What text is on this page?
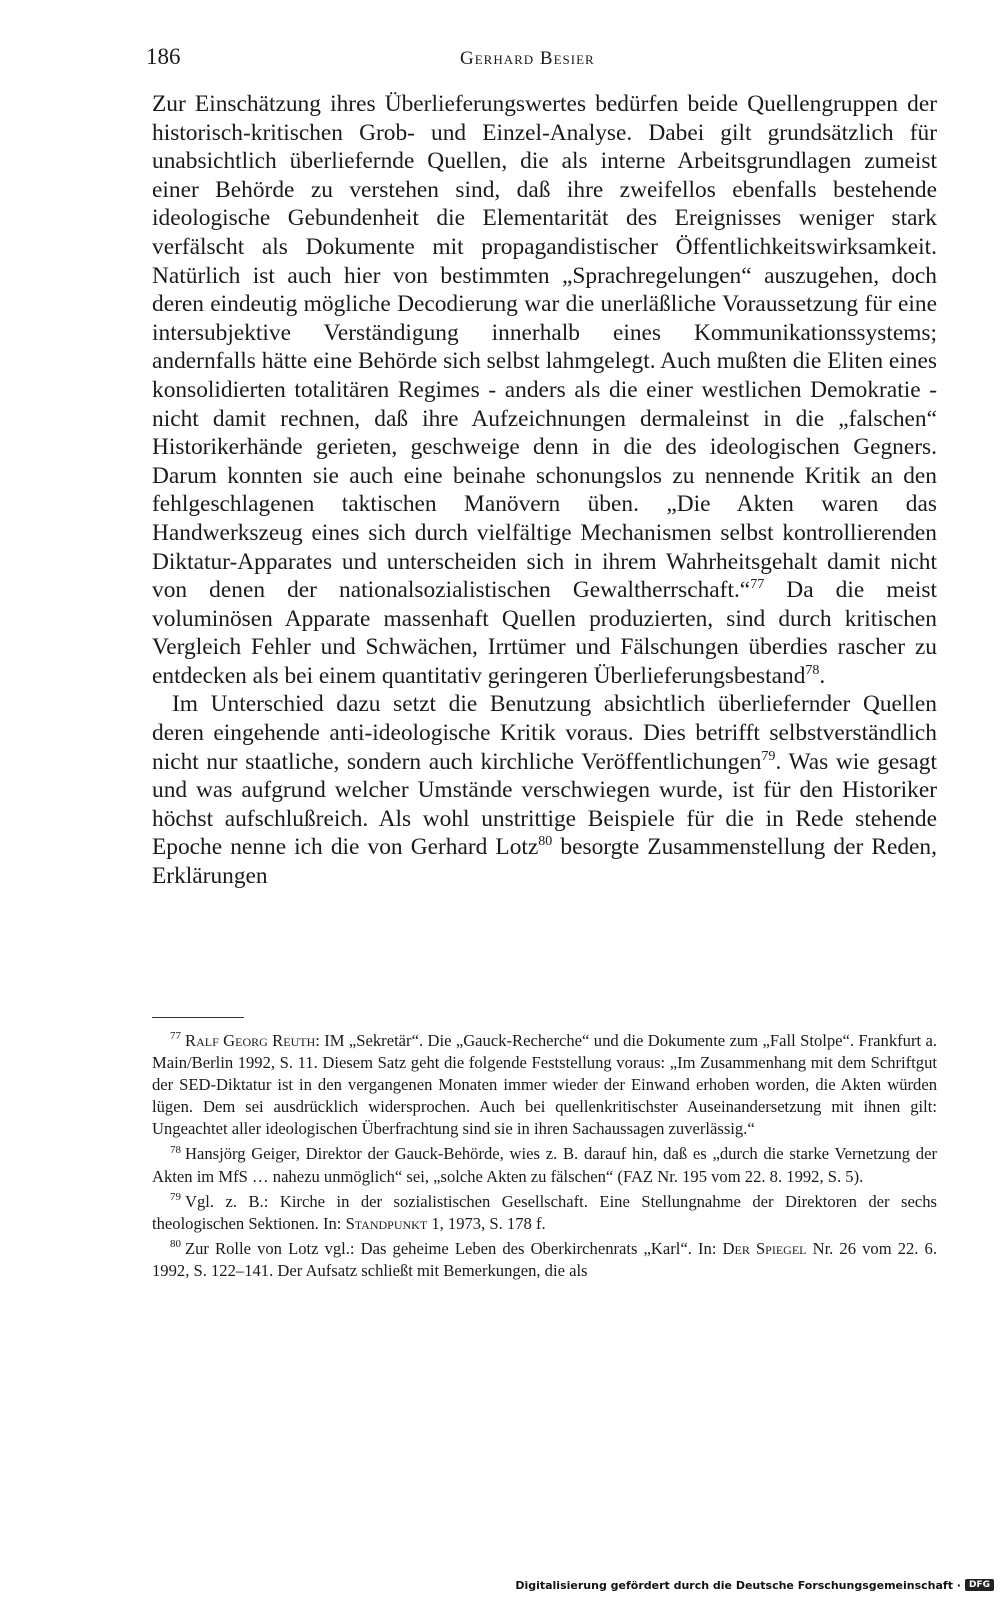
186	Gerhard Besier

Zur Einschätzung ihres Überlieferungswertes bedürfen beide Quellengruppen der historisch-kritischen Grob- und Einzel-Analyse. Dabei gilt grundsätzlich für unabsichtlich überliefernde Quellen, die als interne Arbeitsgrundlagen zumeist einer Behörde zu verstehen sind, daß ihre zweifellos ebenfalls bestehende ideologische Gebundenheit die Elementarität des Ereignisses weniger stark verfälscht als Dokumente mit propagandistischer Öffentlichkeitswirksamkeit. Natürlich ist auch hier von bestimmten „Sprachregelungen“ auszugehen, doch deren eindeutig mögliche Decodierung war die unerläßliche Voraussetzung für eine intersubjektive Verständigung innerhalb eines Kommunikationssystems; andernfalls hätte eine Behörde sich selbst lahmgelegt. Auch mußten die Eliten eines konsolidierten totalitären Regimes - anders als die einer westlichen Demokratie - nicht damit rechnen, daß ihre Aufzeichnungen dermaleinst in die „falschen“ Historikerhände gerieten, geschweige denn in die des ideologischen Gegners. Darum konnten sie auch eine beinahe schonungslos zu nennende Kritik an den fehlgeschlagenen taktischen Manövern üben. „Die Akten waren das Handwerkszeug eines sich durch vielfältige Mechanismen selbst kontrollierenden Diktatur-Apparates und unterscheiden sich in ihrem Wahrheitsgehalt damit nicht von denen der nationalsozialistischen Gewaltherrschaft.“$^{77}$ Da die meist voluminösen Apparate massenhaft Quellen produzierten, sind durch kritischen Vergleich Fehler und Schwächen, Irrtümer und Fälschungen überdies rascher zu entdecken als bei einem quantitativ geringeren Überlieferungsbestand$^{78}$.

Im Unterschied dazu setzt die Benutzung absichtlich überliefernder Quellen deren eingehende anti-ideologische Kritik voraus. Dies betrifft selbstverständlich nicht nur staatliche, sondern auch kirchliche Veröffentlichungen$^{79}$. Was wie gesagt und was aufgrund welcher Umstände verschwiegen wurde, ist für den Historiker höchst aufschlußreich. Als wohl unstrittige Beispiele für die in Rede stehende Epoche nenne ich die von Gerhard Lotz$^{80}$ besorgte Zusammenstellung der Reden, Erklärungen

$^{77}$ Ralf Georg Reuth: IM „Sekretär“. Die „Gauck-Recherche“ und die Dokumente zum „Fall Stolpe“. Frankfurt a. Main/Berlin 1992, S. 11. Diesem Satz geht die folgende Feststellung voraus: „Im Zusammenhang mit dem Schriftgut der SED-Diktatur ist in den vergangenen Monaten immer wieder der Einwand erhoben worden, die Akten würden lügen. Dem sei ausdrücklich widersprochen. Auch bei quellenkritischster Auseinandersetzung mit ihnen gilt: Ungeachtet aller ideologischen Überfrachtung sind sie in ihren Sachaussagen zuverlässig.“

$^{78}$ Hansjörg Geiger, Direktor der Gauck-Behörde, wies z. B. darauf hin, daß es „durch die starke Vernetzung der Akten im MfS … nahezu unmöglich“ sei, „solche Akten zu fälschen“ (FAZ Nr. 195 vom 22. 8. 1992, S. 5).

$^{79}$ Vgl. z. B.: Kirche in der sozialistischen Gesellschaft. Eine Stellungnahme der Direktoren der sechs theologischen Sektionen. In: Standpunkt 1, 1973, S. 178 f.

$^{80}$ Zur Rolle von Lotz vgl.: Das geheime Leben des Oberkirchenrats „Karl“. In: Der Spiegel Nr. 26 vom 22. 6. 1992, S. 122–141. Der Aufsatz schließt mit Bemerkungen, die als

Digitalisierung gefördert durch die Deutsche Forschungsgemeinschaft · DFG
